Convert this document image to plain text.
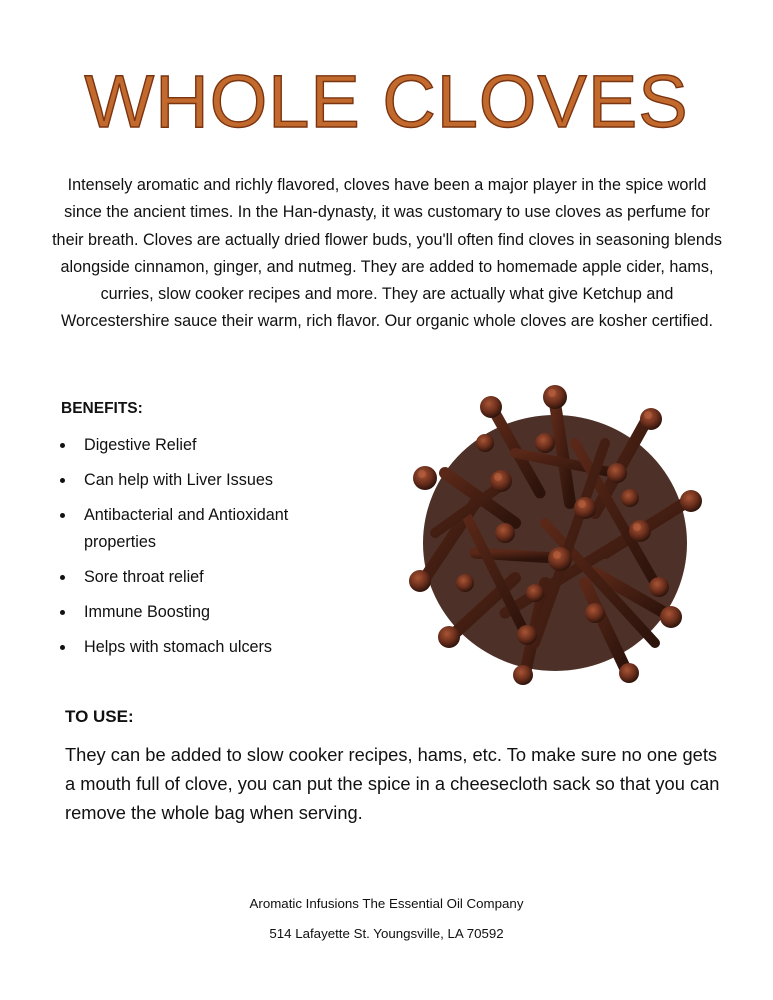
WHOLE CLOVES
Intensely aromatic and richly flavored, cloves have been a major player in the spice world since the ancient times. In the Han-dynasty, it was customary to use cloves as perfume for their breath. Cloves are actually dried flower buds, you'll often find cloves in seasoning blends alongside cinnamon, ginger, and nutmeg. They are added to homemade apple cider, hams, curries, slow cooker recipes and more. They are actually what give Ketchup and Worcestershire sauce their warm, rich flavor. Our organic whole cloves are kosher certified.
BENEFITS:
Digestive Relief
Can help with Liver Issues
Antibacterial and Antioxidant properties
Sore throat relief
Immune Boosting
Helps with stomach ulcers
TO USE:
They can be added to slow cooker recipes, hams, etc. To make sure no one gets a mouth full of clove, you can put the spice in a cheesecloth sack so that you can remove the whole bag when serving.
Aromatic Infusions The Essential Oil Company
514 Lafayette St. Youngsville, LA 70592
